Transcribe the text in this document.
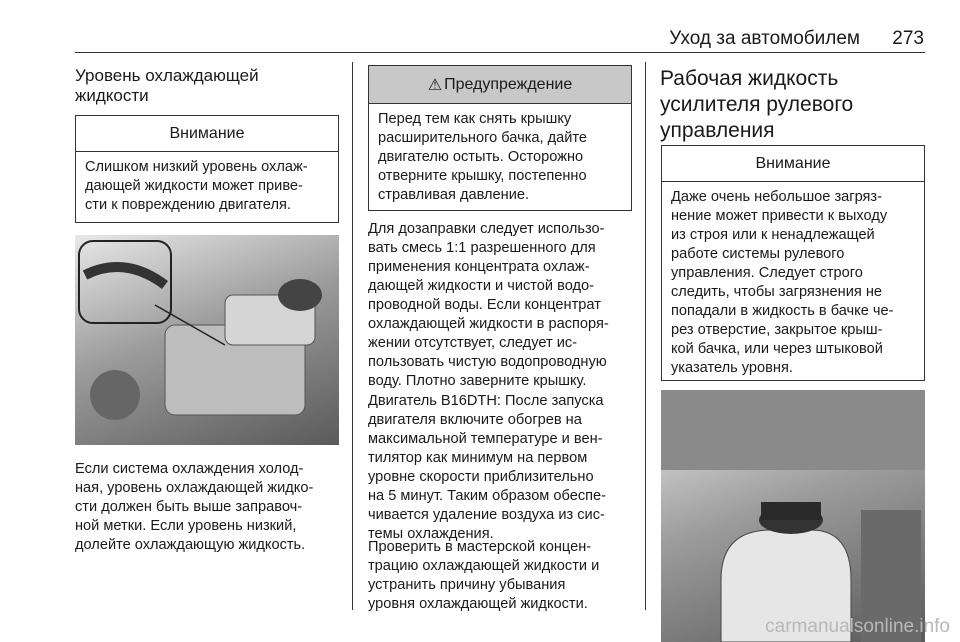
Уход за автомобилем 273
Уровень охлаждающей
жидкости
Внимание
Слишком низкий уровень охлаж-
дающей жидкости может приве-
сти к повреждению двигателя.
Если система охлаждения холод-
ная, уровень охлаждающей жидко-
сти должен быть выше заправоч-
ной метки. Если уровень низкий,
долейте охлаждающую жидкость.
⚠ Предупреждение
Перед тем как снять крышку
расширительного бачка, дайте
двигателю остыть. Осторожно
отверните крышку, постепенно
стравливая давление.
Для дозаправки следует использо-
вать смесь 1:1 разрешенного для
применения концентрата охлаж-
дающей жидкости и чистой водо-
проводной воды. Если концентрат
охлаждающей жидкости в распоря-
жении отсутствует, следует ис-
пользовать чистую водопроводную
воду. Плотно заверните крышку.
Двигатель B16DTH: После запуска
двигателя включите обогрев на
максимальной температуре и вен-
тилятор как минимум на первом
уровне скорости приблизительно
на 5 минут. Таким образом обеспе-
чивается удаление воздуха из сис-
темы охлаждения.
Проверить в мастерской концен-
трацию охлаждающей жидкости и
устранить причину убывания
уровня охлаждающей жидкости.
Рабочая жидкость
усилителя рулевого
управления
Внимание
Даже очень небольшое загряз-
нение может привести к выходу
из строя или к ненадлежащей
работе системы рулевого
управления. Следует строго
следить, чтобы загрязнения не
попадали в жидкость в бачке че-
рез отверстие, закрытое крыш-
кой бачка, или через штыковой
указатель уровня.
carmanualsonline.info
